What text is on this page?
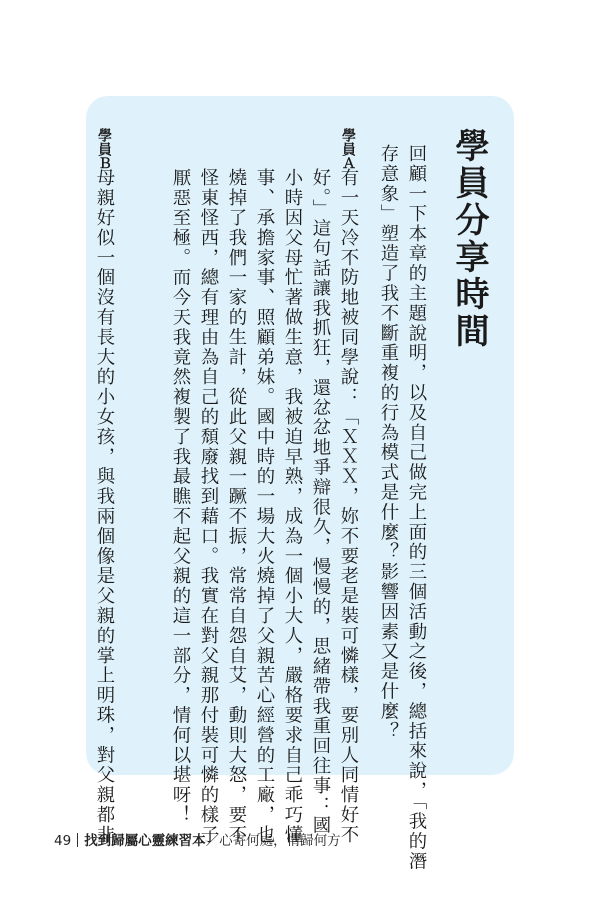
學員分享時間
回顧一下本章的主題說明，以及自己做完上面的三個活動之後，總括來說，「我的潛
存意象」塑造了我不斷重複的行為模式是什麼？影響因素又是什麼？
學員Ａ
有一天冷不防地被同學說：「ＸＸＸ，妳不要老是裝可憐樣，要別人同情好不
好。」這句話讓我抓狂，還忿忿地爭辯很久，慢慢的，思緒帶我重回往事：國
小時因父母忙著做生意，我被迫早熟，成為一個小大人，嚴格要求自己乖巧懂
事、承擔家事、照顧弟妹。國中時的一場大火燒掉了父親苦心經營的工廠，也
燒掉了我們一家的生計，從此父親一蹶不振，常常自怨自艾，動則大怒，要不
怪東怪西，總有理由為自己的頹廢找到藉口。我實在對父親那付裝可憐的樣子
厭惡至極。而今天我竟然複製了我最瞧不起父親的這一部分，情何以堪呀！
學員Ｂ
母親好似一個沒有長大的小女孩，與我兩個像是父親的掌上明珠，對父親都非
49 找到歸屬心靈練習本／心寄何處，情歸何方
